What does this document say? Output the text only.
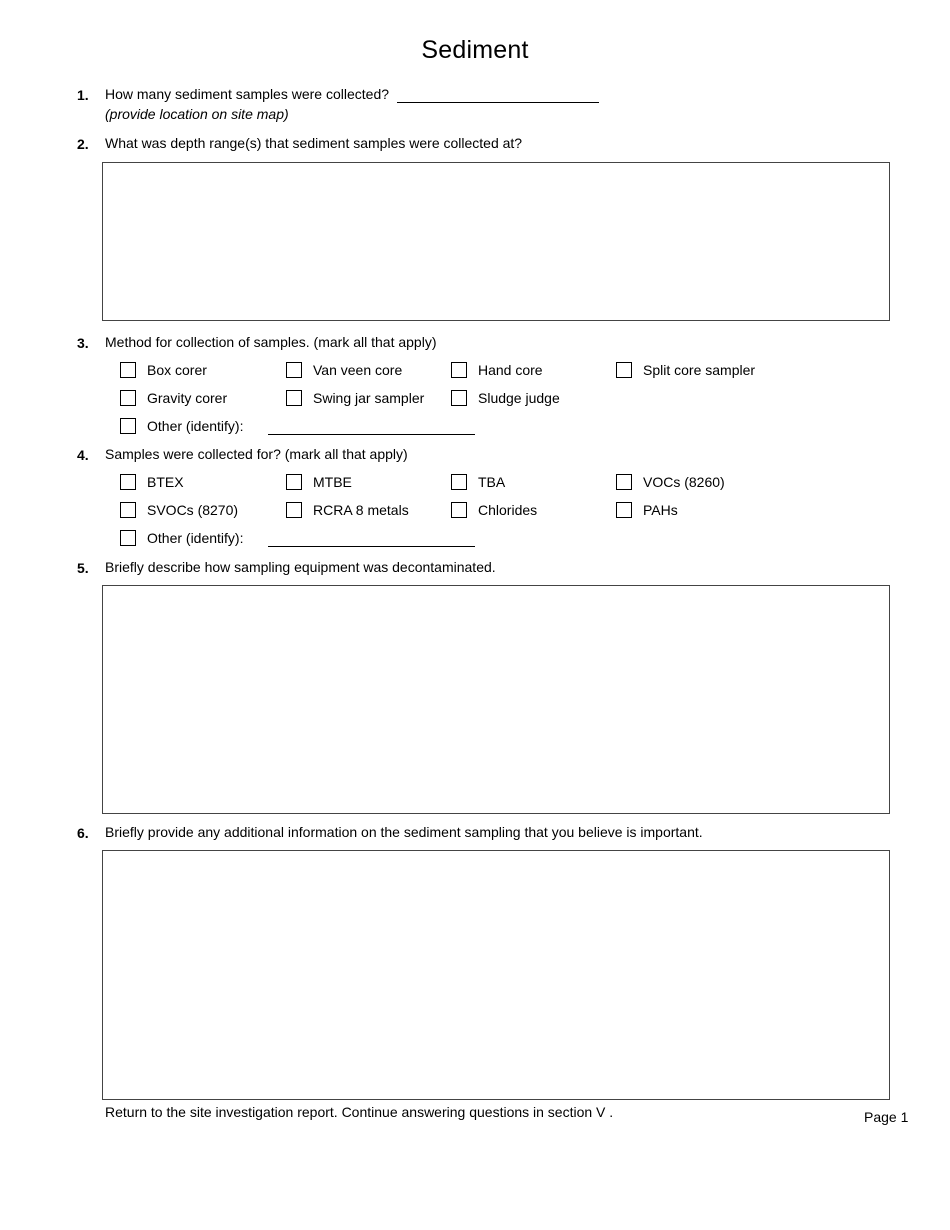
Sediment
1. How many sediment samples were collected?
(provide location on site map)
2. What was depth range(s) that sediment samples were collected at?
3. Method for collection of samples. (mark all that apply)
Box corer	Van veen core	Hand core	Split core sampler
Gravity corer	Swing jar sampler	Sludge judge
Other (identify):
4. Samples were collected for? (mark all that apply)
BTEX	MTBE	TBA	VOCs (8260)
SVOCs (8270)	RCRA 8 metals	Chlorides	PAHs
Other (identify):
5. Briefly describe how sampling equipment was decontaminated.
6. Briefly provide any additional information on the sediment sampling that you believe is important.
Return to the site investigation report. Continue answering questions in section V .	Page 1
